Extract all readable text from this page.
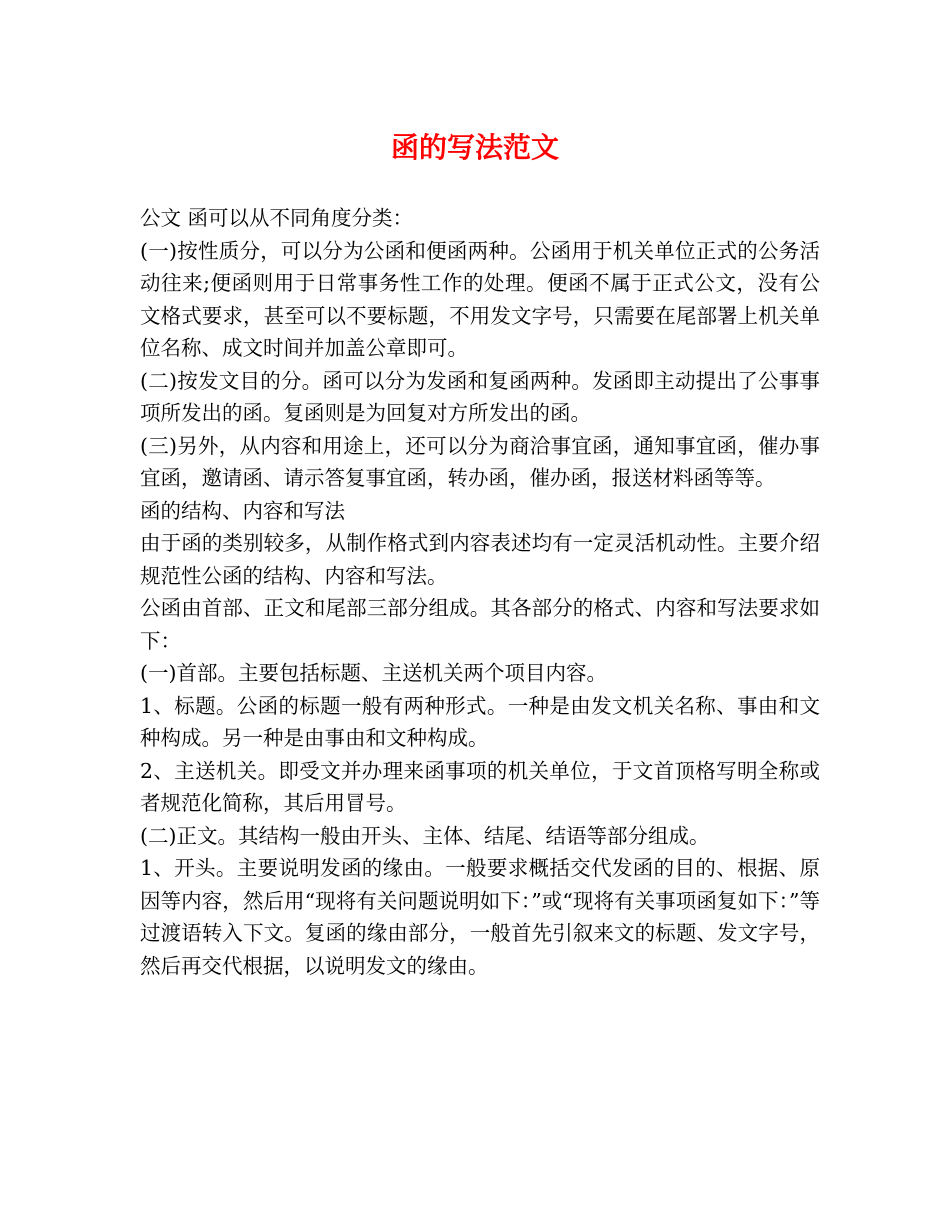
函的写法范文

公文 函可以从不同角度分类：

(一)按性质分，可以分为公函和便函两种。公函用于机关单位正式的公务活动往来;便函则用于日常事务性工作的处理。便函不属于正式公文，没有公文格式要求，甚至可以不要标题，不用发文字号，只需要在尾部署上机关单位名称、成文时间并加盖公章即可。

(二)按发文目的分。函可以分为发函和复函两种。发函即主动提出了公事事项所发出的函。复函则是为回复对方所发出的函。

(三)另外，从内容和用途上，还可以分为商洽事宜函，通知事宜函，催办事宜函，邀请函、请示答复事宜函，转办函，催办函，报送材料函等等。

函的结构、内容和写法

由于函的类别较多，从制作格式到内容表述均有一定灵活机动性。主要介绍规范性公函的结构、内容和写法。

公函由首部、正文和尾部三部分组成。其各部分的格式、内容和写法要求如下：

(一)首部。主要包括标题、主送机关两个项目内容。

1、标题。公函的标题一般有两种形式。一种是由发文机关名称、事由和文种构成。另一种是由事由和文种构成。

2、主送机关。即受文并办理来函事项的机关单位，于文首顶格写明全称或者规范化简称，其后用冒号。

(二)正文。其结构一般由开头、主体、结尾、结语等部分组成。

1、开头。主要说明发函的缘由。一般要求概括交代发函的目的、根据、原因等内容，然后用“现将有关问题说明如下：”或“现将有关事项函复如下：”等过渡语转入下文。复函的缘由部分，一般首先引叙来文的标题、发文字号，然后再交代根据，以说明发文的缘由。
